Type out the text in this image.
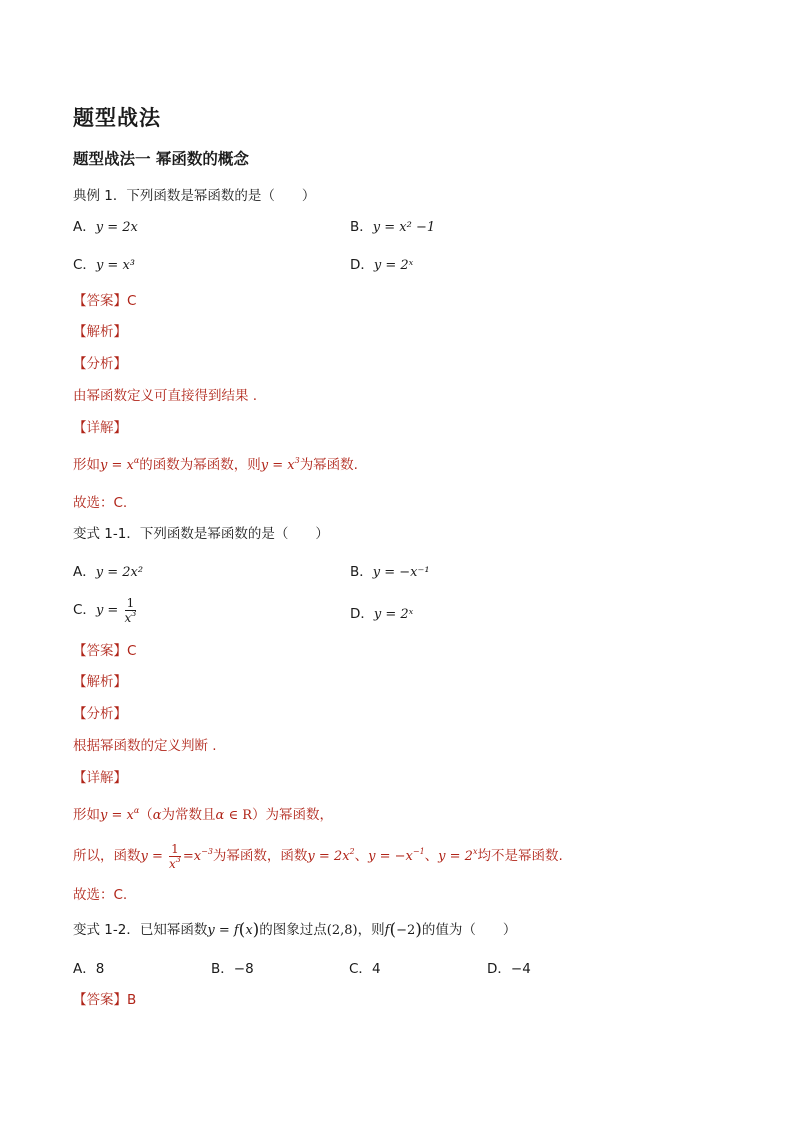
题型战法
题型战法一 幂函数的概念
典例 1．下列函数是幂函数的是（　　）
A．y = 2x	B．y = x² −1
C．y = x³	D．y = 2ˣ
【答案】C
【解析】
【分析】
由幂函数定义可直接得到结果 .
【详解】
形如$y = x^\alpha$的函数为幂函数，则$y = x^3$为幂函数.
故选：C.
变式 1-1．下列函数是幂函数的是（　　）
A．y = 2x²	B．y = −x⁻¹
C．$y = \frac{1}{x^3}$	D．y = 2ˣ
【答案】C
【解析】
【分析】
根据幂函数的定义判断 .
【详解】
形如$y = x^\alpha(\alpha$为常数且α ∈ R）为幂函数，
所以，函数$y = \frac{1}{x^3} =x^{-3}$为幂函数，函数$y = 2x^2$、$y = -x^{-1}$、$y = 2^x$均不是幂函数.
故选：C.
变式 1-2．已知幂函数y = f(x)的图象过点(2,8)，则f(−2)的值为（　　）
A．8	B．−8	C．4	D．−4
【答案】B
